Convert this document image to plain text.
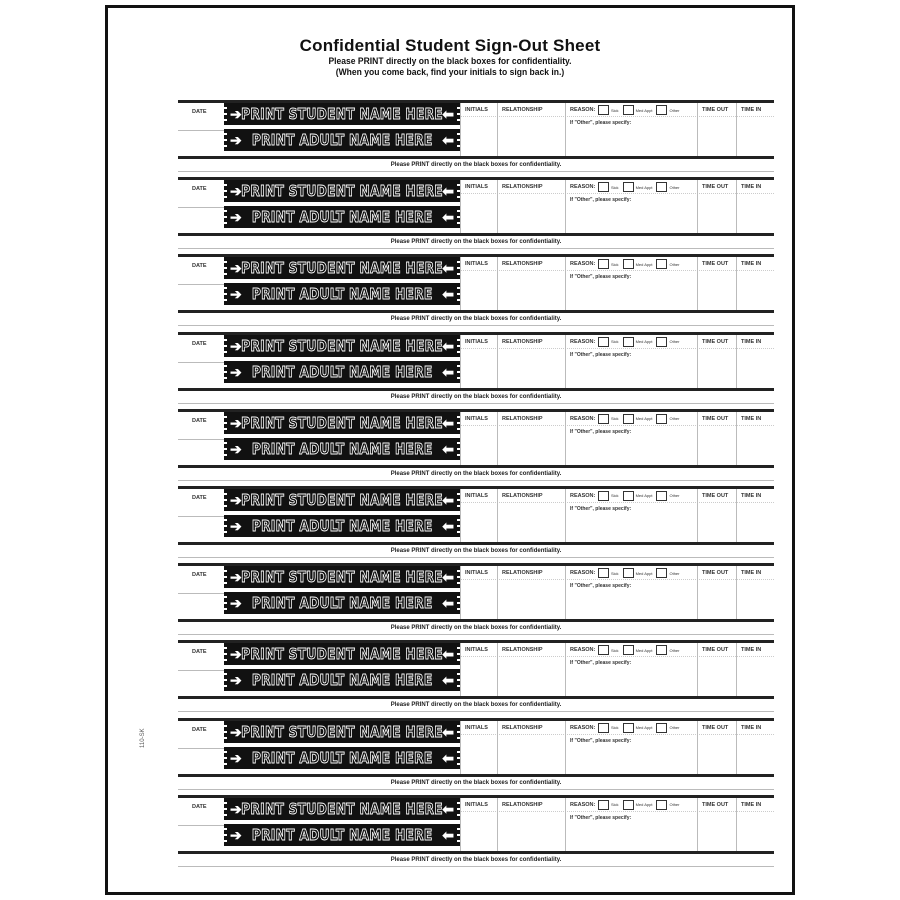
Confidential Student Sign-Out Sheet
Please PRINT directly on the black boxes for confidentiality.
(When you come back, find your initials to sign back in.)
110-SK
DATE ➔ PRINT STUDENT NAME HERE ⬅
➔ PRINT ADULT NAME HERE ⬅
INITIALS	RELATIONSHIP	REASON:	Sick	Med Appt	Other
If "Other", please specify:
TIME OUT TIME IN
Please PRINT directly on the black boxes for confidentiality.
DATE ➔ PRINT STUDENT NAME HERE ⬅
➔ PRINT ADULT NAME HERE ⬅
INITIALS	RELATIONSHIP	REASON:	Sick	Med Appt	Other
If "Other", please specify:
TIME OUT TIME IN
Please PRINT directly on the black boxes for confidentiality.
DATE ➔ PRINT STUDENT NAME HERE ⬅
➔ PRINT ADULT NAME HERE ⬅
INITIALS	RELATIONSHIP	REASON:	Sick	Med Appt	Other
If "Other", please specify:
TIME OUT TIME IN
Please PRINT directly on the black boxes for confidentiality.
DATE ➔ PRINT STUDENT NAME HERE ⬅
➔ PRINT ADULT NAME HERE ⬅
INITIALS	RELATIONSHIP	REASON:	Sick	Med Appt	Other
If "Other", please specify:
TIME OUT TIME IN
Please PRINT directly on the black boxes for confidentiality.
DATE ➔ PRINT STUDENT NAME HERE ⬅
➔ PRINT ADULT NAME HERE ⬅
INITIALS	RELATIONSHIP	REASON:	Sick	Med Appt	Other
If "Other", please specify:
TIME OUT TIME IN
Please PRINT directly on the black boxes for confidentiality.
DATE ➔ PRINT STUDENT NAME HERE ⬅
➔ PRINT ADULT NAME HERE ⬅
INITIALS	RELATIONSHIP	REASON:	Sick	Med Appt	Other
If "Other", please specify:
TIME OUT TIME IN
Please PRINT directly on the black boxes for confidentiality.
DATE ➔ PRINT STUDENT NAME HERE ⬅
➔ PRINT ADULT NAME HERE ⬅
INITIALS	RELATIONSHIP	REASON:	Sick	Med Appt	Other
If "Other", please specify:
TIME OUT TIME IN
Please PRINT directly on the black boxes for confidentiality.
DATE ➔ PRINT STUDENT NAME HERE ⬅
➔ PRINT ADULT NAME HERE ⬅
INITIALS	RELATIONSHIP	REASON:	Sick	Med Appt	Other
If "Other", please specify:
TIME OUT TIME IN
Please PRINT directly on the black boxes for confidentiality.
DATE ➔ PRINT STUDENT NAME HERE ⬅
➔ PRINT ADULT NAME HERE ⬅
INITIALS	RELATIONSHIP	REASON:	Sick	Med Appt	Other
If "Other", please specify:
TIME OUT TIME IN
Please PRINT directly on the black boxes for confidentiality.
DATE ➔ PRINT STUDENT NAME HERE ⬅
➔ PRINT ADULT NAME HERE ⬅
INITIALS	RELATIONSHIP	REASON:	Sick	Med Appt	Other
If "Other", please specify:
TIME OUT TIME IN
Please PRINT directly on the black boxes for confidentiality.
